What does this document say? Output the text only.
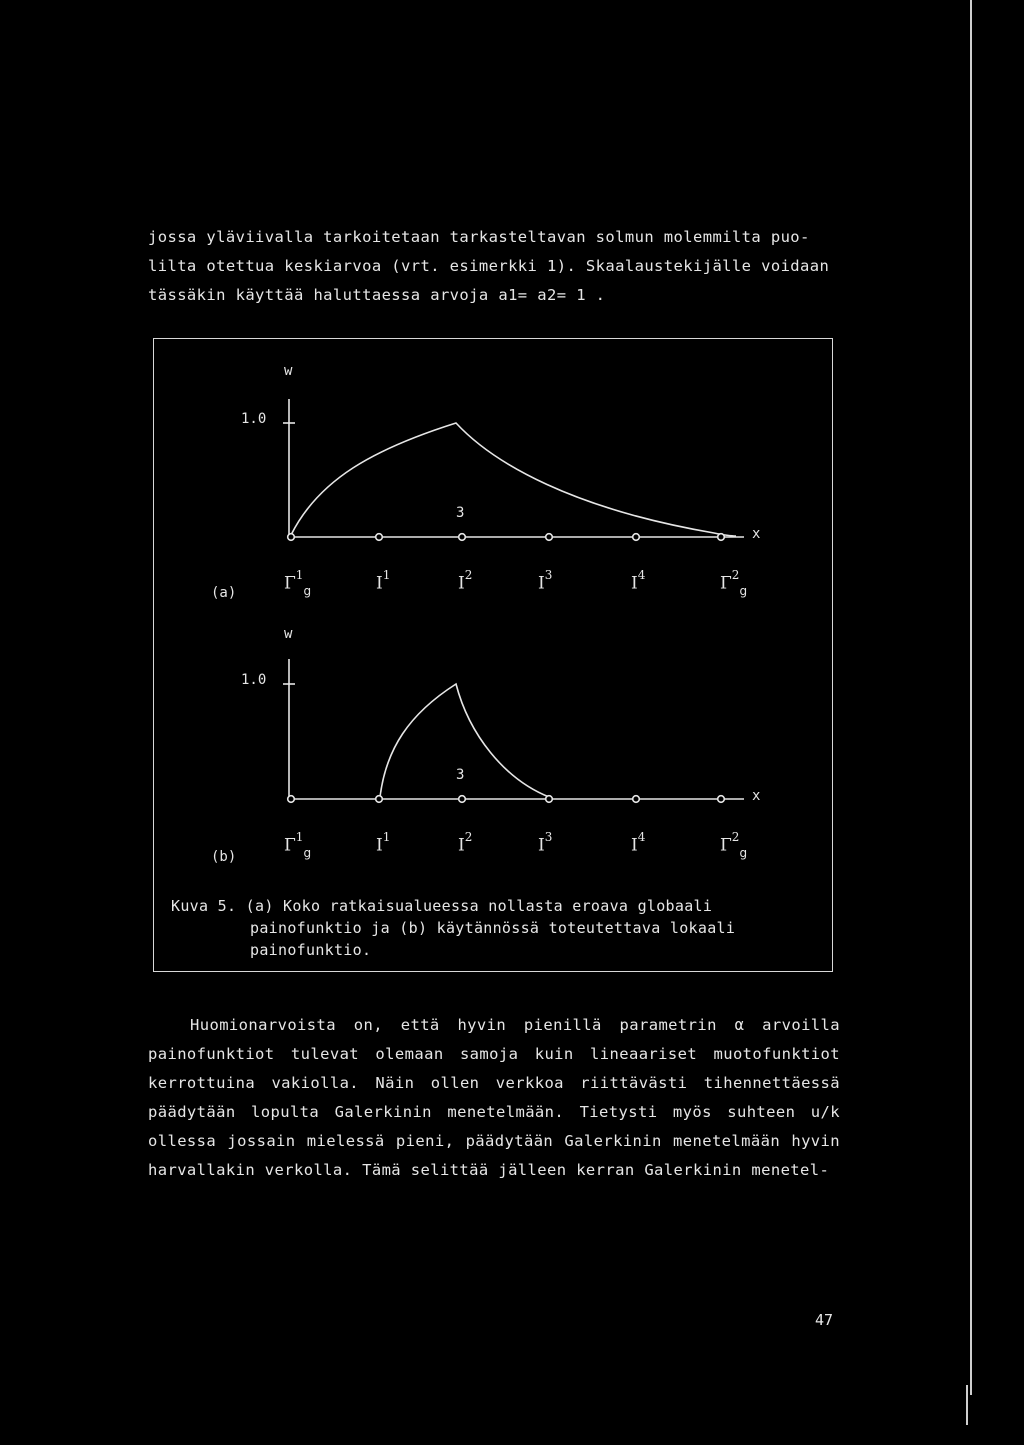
jossa yläviivalla tarkoitetaan tarkasteltavan solmun molemmilta puo-
lilta otettua keskiarvoa (vrt. esimerkki 1). Skaalaustekijälle voidaan
tässäkin käyttää haluttaessa arvoja a1= a2= 1 .
w
1.0
3
x
(a)	$\Gamma^1_g$	$I^1$	$I^2$	$I^3$	$I^4$	$\Gamma^2_g$
w
1.0
3
x
(b)
$\Gamma^1_g$	$I^1$	$I^2$	$I^3$	$I^4$	$\Gamma^2_g$
Kuva 5. (a) Koko ratkaisualueessa nollasta eroava globaali
painofunktio ja (b) käytännössä toteutettava lokaali
painofunktio.
Huomionarvoista on, että hyvin pienillä parametrin α arvoilla
painofunktiot tulevat olemaan samoja kuin lineaariset muotofunktiot
kerrottuina vakiolla. Näin ollen verkkoa riittävästi tihennettäessä
päädytään lopulta Galerkinin menetelmään. Tietysti myös suhteen u/k
ollessa jossain mielessä pieni, päädytään Galerkinin menetelmään hyvin
harvallakin verkolla. Tämä selittää jälleen kerran Galerkinin menetel-
47
